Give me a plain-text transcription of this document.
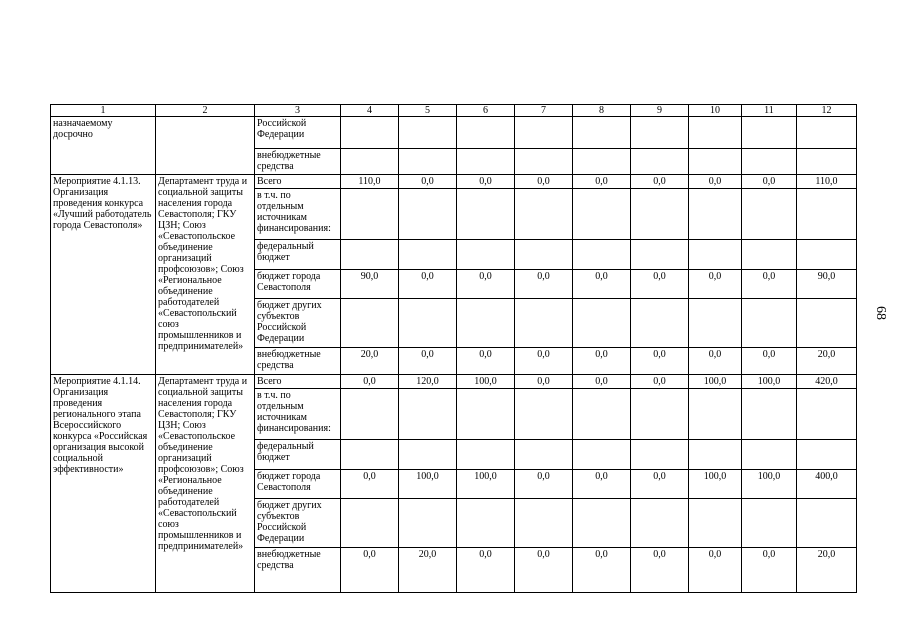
1	2	3	4	5	6	7	8	9	10	11	12
назначаемому досрочно		Российской Федерации									
		внебюджетные средства									
Мероприятие 4.1.13. Организация проведения конкурса «Лучший работодатель города Севастополя»	Департамент труда и социальной защиты населения города Севастополя; ГКУ ЦЗН; Союз «Севастопольское объединение организаций профсоюзов»; Союз «Региональное объединение работодателей «Севастопольский союз промышленников и предпринимателей»	Всего	110,0	0,0	0,0	0,0	0,0	0,0	0,0	0,0	110,0
		в т.ч. по отдельным источникам финансирования:									
		федеральный бюджет									
		бюджет города Севастополя	90,0	0,0	0,0	0,0	0,0	0,0	0,0	0,0	90,0
		бюджет других субъектов Российской Федерации									
		внебюджетные средства	20,0	0,0	0,0	0,0	0,0	0,0	0,0	0,0	20,0
Мероприятие 4.1.14. Организация проведения регионального этапа Всероссийского конкурса «Российская организация высокой социальной эффективности»	Департамент труда и социальной защиты населения города Севастополя; ГКУ ЦЗН; Союз «Севастопольское объединение организаций профсоюзов»; Союз «Региональное объединение работодателей «Севастопольский союз промышленников и предпринимателей»	Всего	0,0	120,0	100,0	0,0	0,0	0,0	100,0	100,0	420,0
		в т.ч. по отдельным источникам финансирования:									
		федеральный бюджет									
		бюджет города Севастополя	0,0	100,0	100,0	0,0	0,0	0,0	100,0	100,0	400,0
		бюджет других субъектов Российской Федерации									
		внебюджетные средства	0,0	20,0	0,0	0,0	0,0	0,0	0,0	0,0	20,0
68
